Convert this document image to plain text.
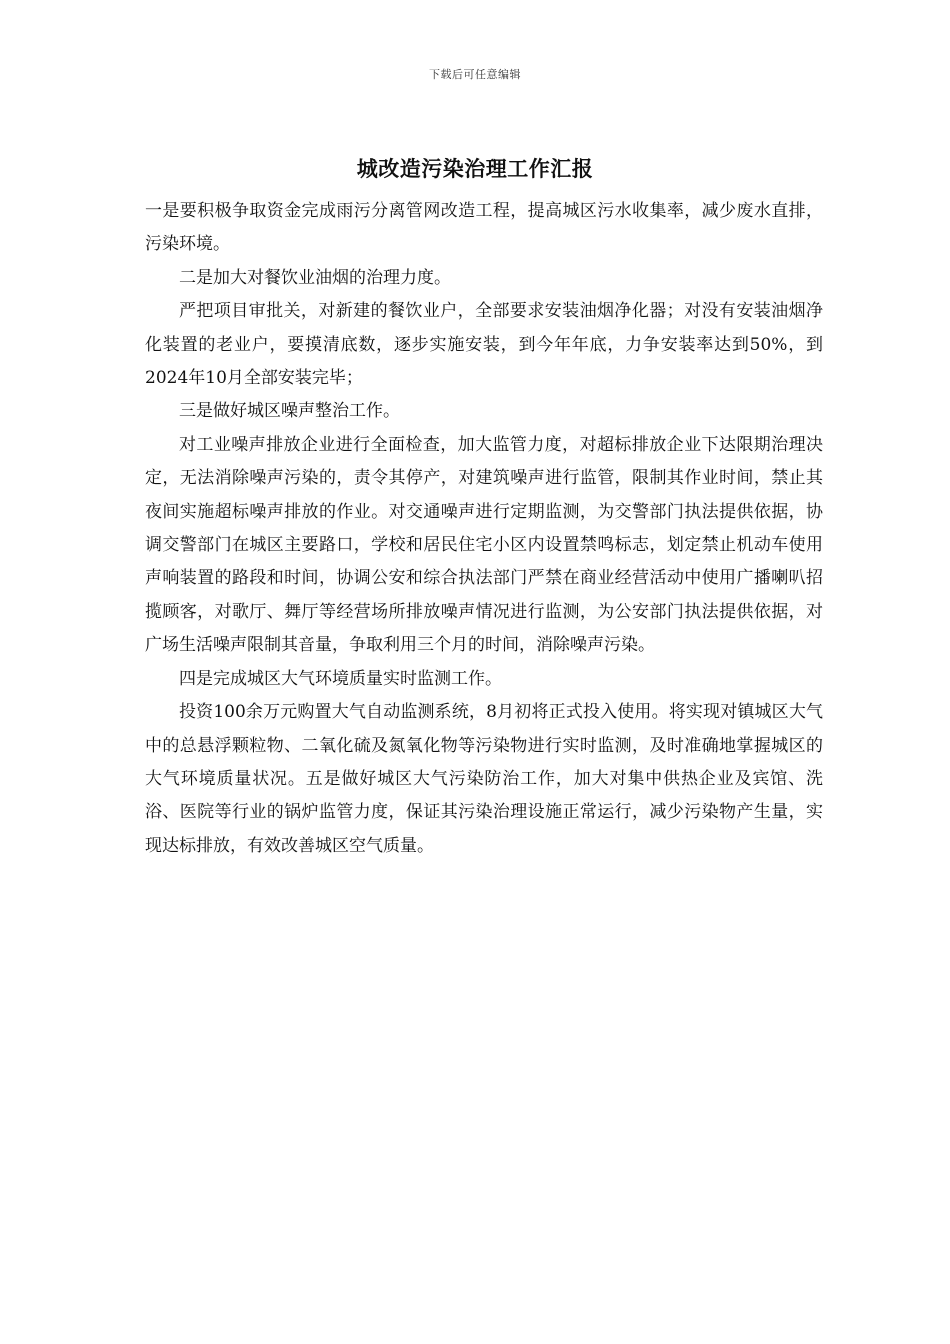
下载后可任意编辑
城改造污染治理工作汇报

一是要积极争取资金完成雨污分离管网改造工程，提高城区污水收集率，减少废水直排，污染环境。

二是加大对餐饮业油烟的治理力度。

严把项目审批关，对新建的餐饮业户，全部要求安装油烟净化器；对没有安装油烟净化装置的老业户，要摸清底数，逐步实施安装，到今年年底，力争安装率达到50%，到2024年10月全部安装完毕；

三是做好城区噪声整治工作。

对工业噪声排放企业进行全面检查，加大监管力度，对超标排放企业下达限期治理决定，无法消除噪声污染的，责令其停产，对建筑噪声进行监管，限制其作业时间，禁止其夜间实施超标噪声排放的作业。对交通噪声进行定期监测，为交警部门执法提供依据，协调交警部门在城区主要路口，学校和居民住宅小区内设置禁鸣标志，划定禁止机动车使用声响装置的路段和时间，协调公安和综合执法部门严禁在商业经营活动中使用广播喇叭招揽顾客，对歌厅、舞厅等经营场所排放噪声情况进行监测，为公安部门执法提供依据，对广场生活噪声限制其音量，争取利用三个月的时间，消除噪声污染。

四是完成城区大气环境质量实时监测工作。

投资100余万元购置大气自动监测系统，8月初将正式投入使用。将实现对镇城区大气中的总悬浮颗粒物、二氧化硫及氮氧化物等污染物进行实时监测，及时准确地掌握城区的大气环境质量状况。五是做好城区大气污染防治工作，加大对集中供热企业及宾馆、洗浴、医院等行业的锅炉监管力度，保证其污染治理设施正常运行，减少污染物产生量，实现达标排放，有效改善城区空气质量。
